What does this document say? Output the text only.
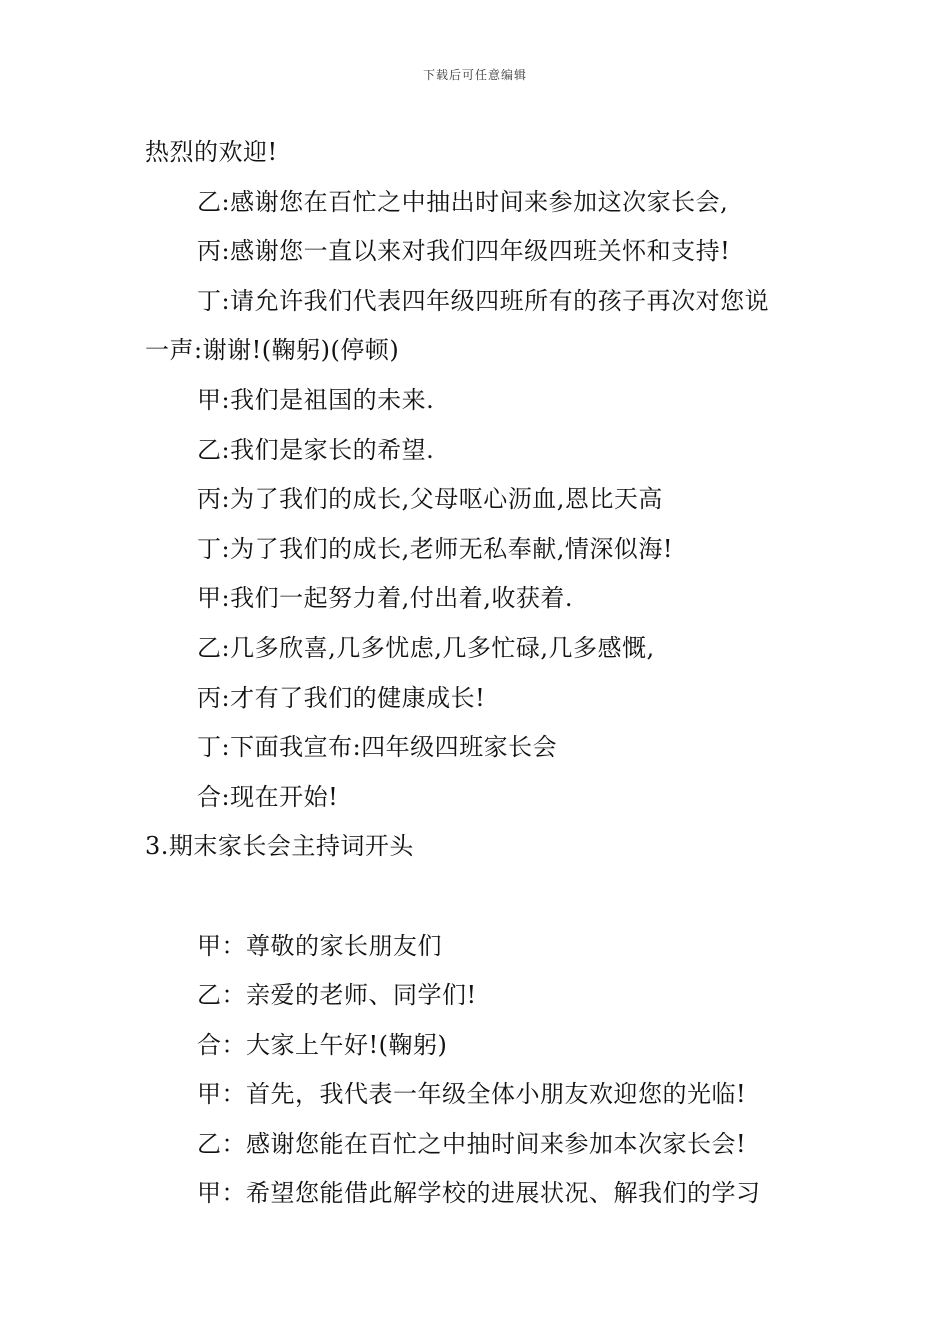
下载后可任意编辑
热烈的欢迎!
乙:感谢您在百忙之中抽出时间来参加这次家长会,
丙:感谢您一直以来对我们四年级四班关怀和支持!
丁:请允许我们代表四年级四班所有的孩子再次对您说
一声:谢谢!(鞠躬)(停顿)
甲:我们是祖国的未来.
乙:我们是家长的希望.
丙:为了我们的成长,父母呕心沥血,恩比天高
丁:为了我们的成长,老师无私奉献,情深似海!
甲:我们一起努力着,付出着,收获着.
乙:几多欣喜,几多忧虑,几多忙碌,几多感慨,
丙:才有了我们的健康成长!
丁:下面我宣布:四年级四班家长会
合:现在开始!
3.期末家长会主持词开头
甲：尊敬的家长朋友们
乙：亲爱的老师、同学们!
合：大家上午好!(鞠躬)
甲：首先，我代表一年级全体小朋友欢迎您的光临!
乙：感谢您能在百忙之中抽时间来参加本次家长会!
甲：希望您能借此解学校的进展状况、解我们的学习
